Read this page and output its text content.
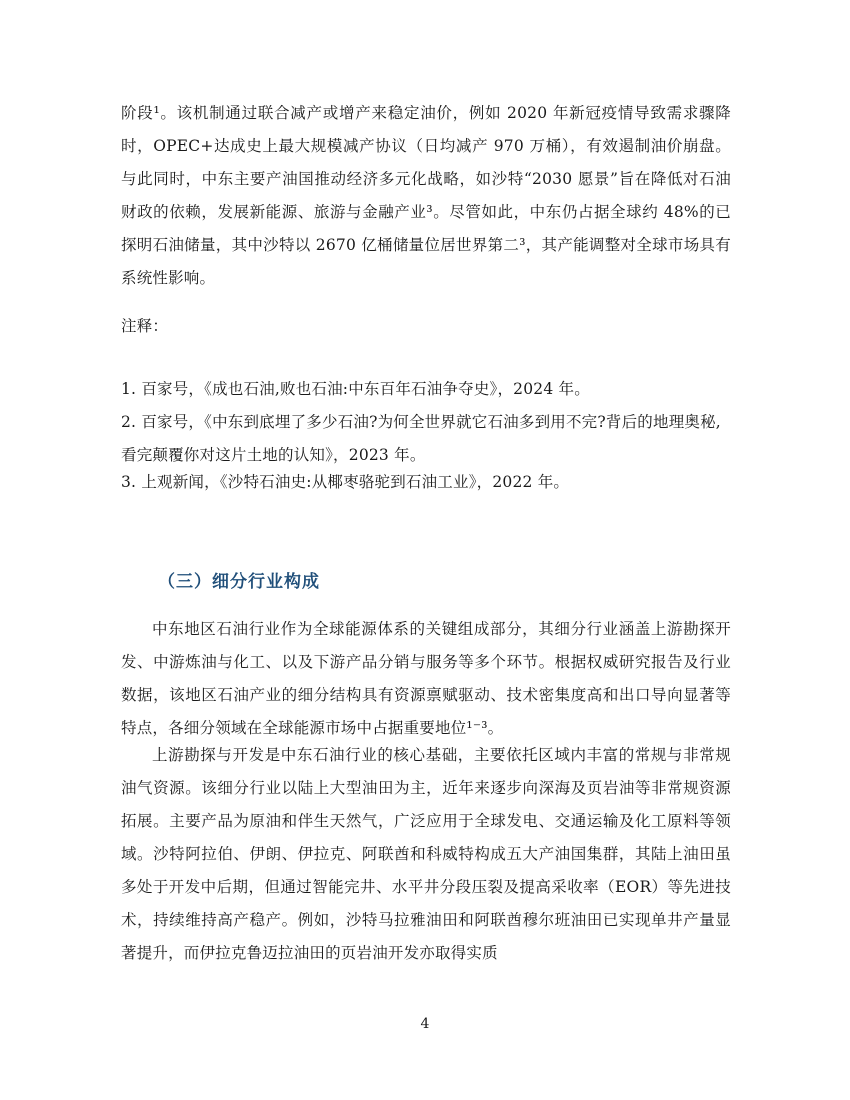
阶段¹。该机制通过联合减产或增产来稳定油价，例如 2020 年新冠疫情导致需求骤降时，OPEC+达成史上最大规模减产协议（日均减产 970 万桶），有效遏制油价崩盘。与此同时，中东主要产油国推动经济多元化战略，如沙特“2030 愿景”旨在降低对石油财政的依赖，发展新能源、旅游与金融产业³。尽管如此，中东仍占据全球约 48%的已探明石油储量，其中沙特以 2670 亿桶储量位居世界第二³，其产能调整对全球市场具有系统性影响。

注释：
1. 百家号，《成也石油,败也石油:中东百年石油争夺史》，2024 年。
2. 百家号，《中东到底埋了多少石油?为何全世界就它石油多到用不完?背后的地理奥秘,看完颠覆你对这片土地的认知》，2023 年。
3. 上观新闻，《沙特石油史:从椰枣骆驼到石油工业》，2022 年。
（三）细分行业构成

中东地区石油行业作为全球能源体系的关键组成部分，其细分行业涵盖上游勘探开发、中游炼油与化工、以及下游产品分销与服务等多个环节。根据权威研究报告及行业数据，该地区石油产业的细分结构具有资源禀赋驱动、技术密集度高和出口导向显著等特点，各细分领域在全球能源市场中占据重要地位¹⁻³。

上游勘探与开发是中东石油行业的核心基础，主要依托区域内丰富的常规与非常规油气资源。该细分行业以陆上大型油田为主，近年来逐步向深海及页岩油等非常规资源拓展。主要产品为原油和伴生天然气，广泛应用于全球发电、交通运输及化工原料等领域。沙特阿拉伯、伊朗、伊拉克、阿联酋和科威特构成五大产油国集群，其陆上油田虽多处于开发中后期，但通过智能完井、水平井分段压裂及提高采收率（EOR）等先进技术，持续维持高产稳产。例如，沙特马拉雅油田和阿联酋穆尔班油田已实现单井产量显著提升，而伊拉克鲁迈拉油田的页岩油开发亦取得实质

4
